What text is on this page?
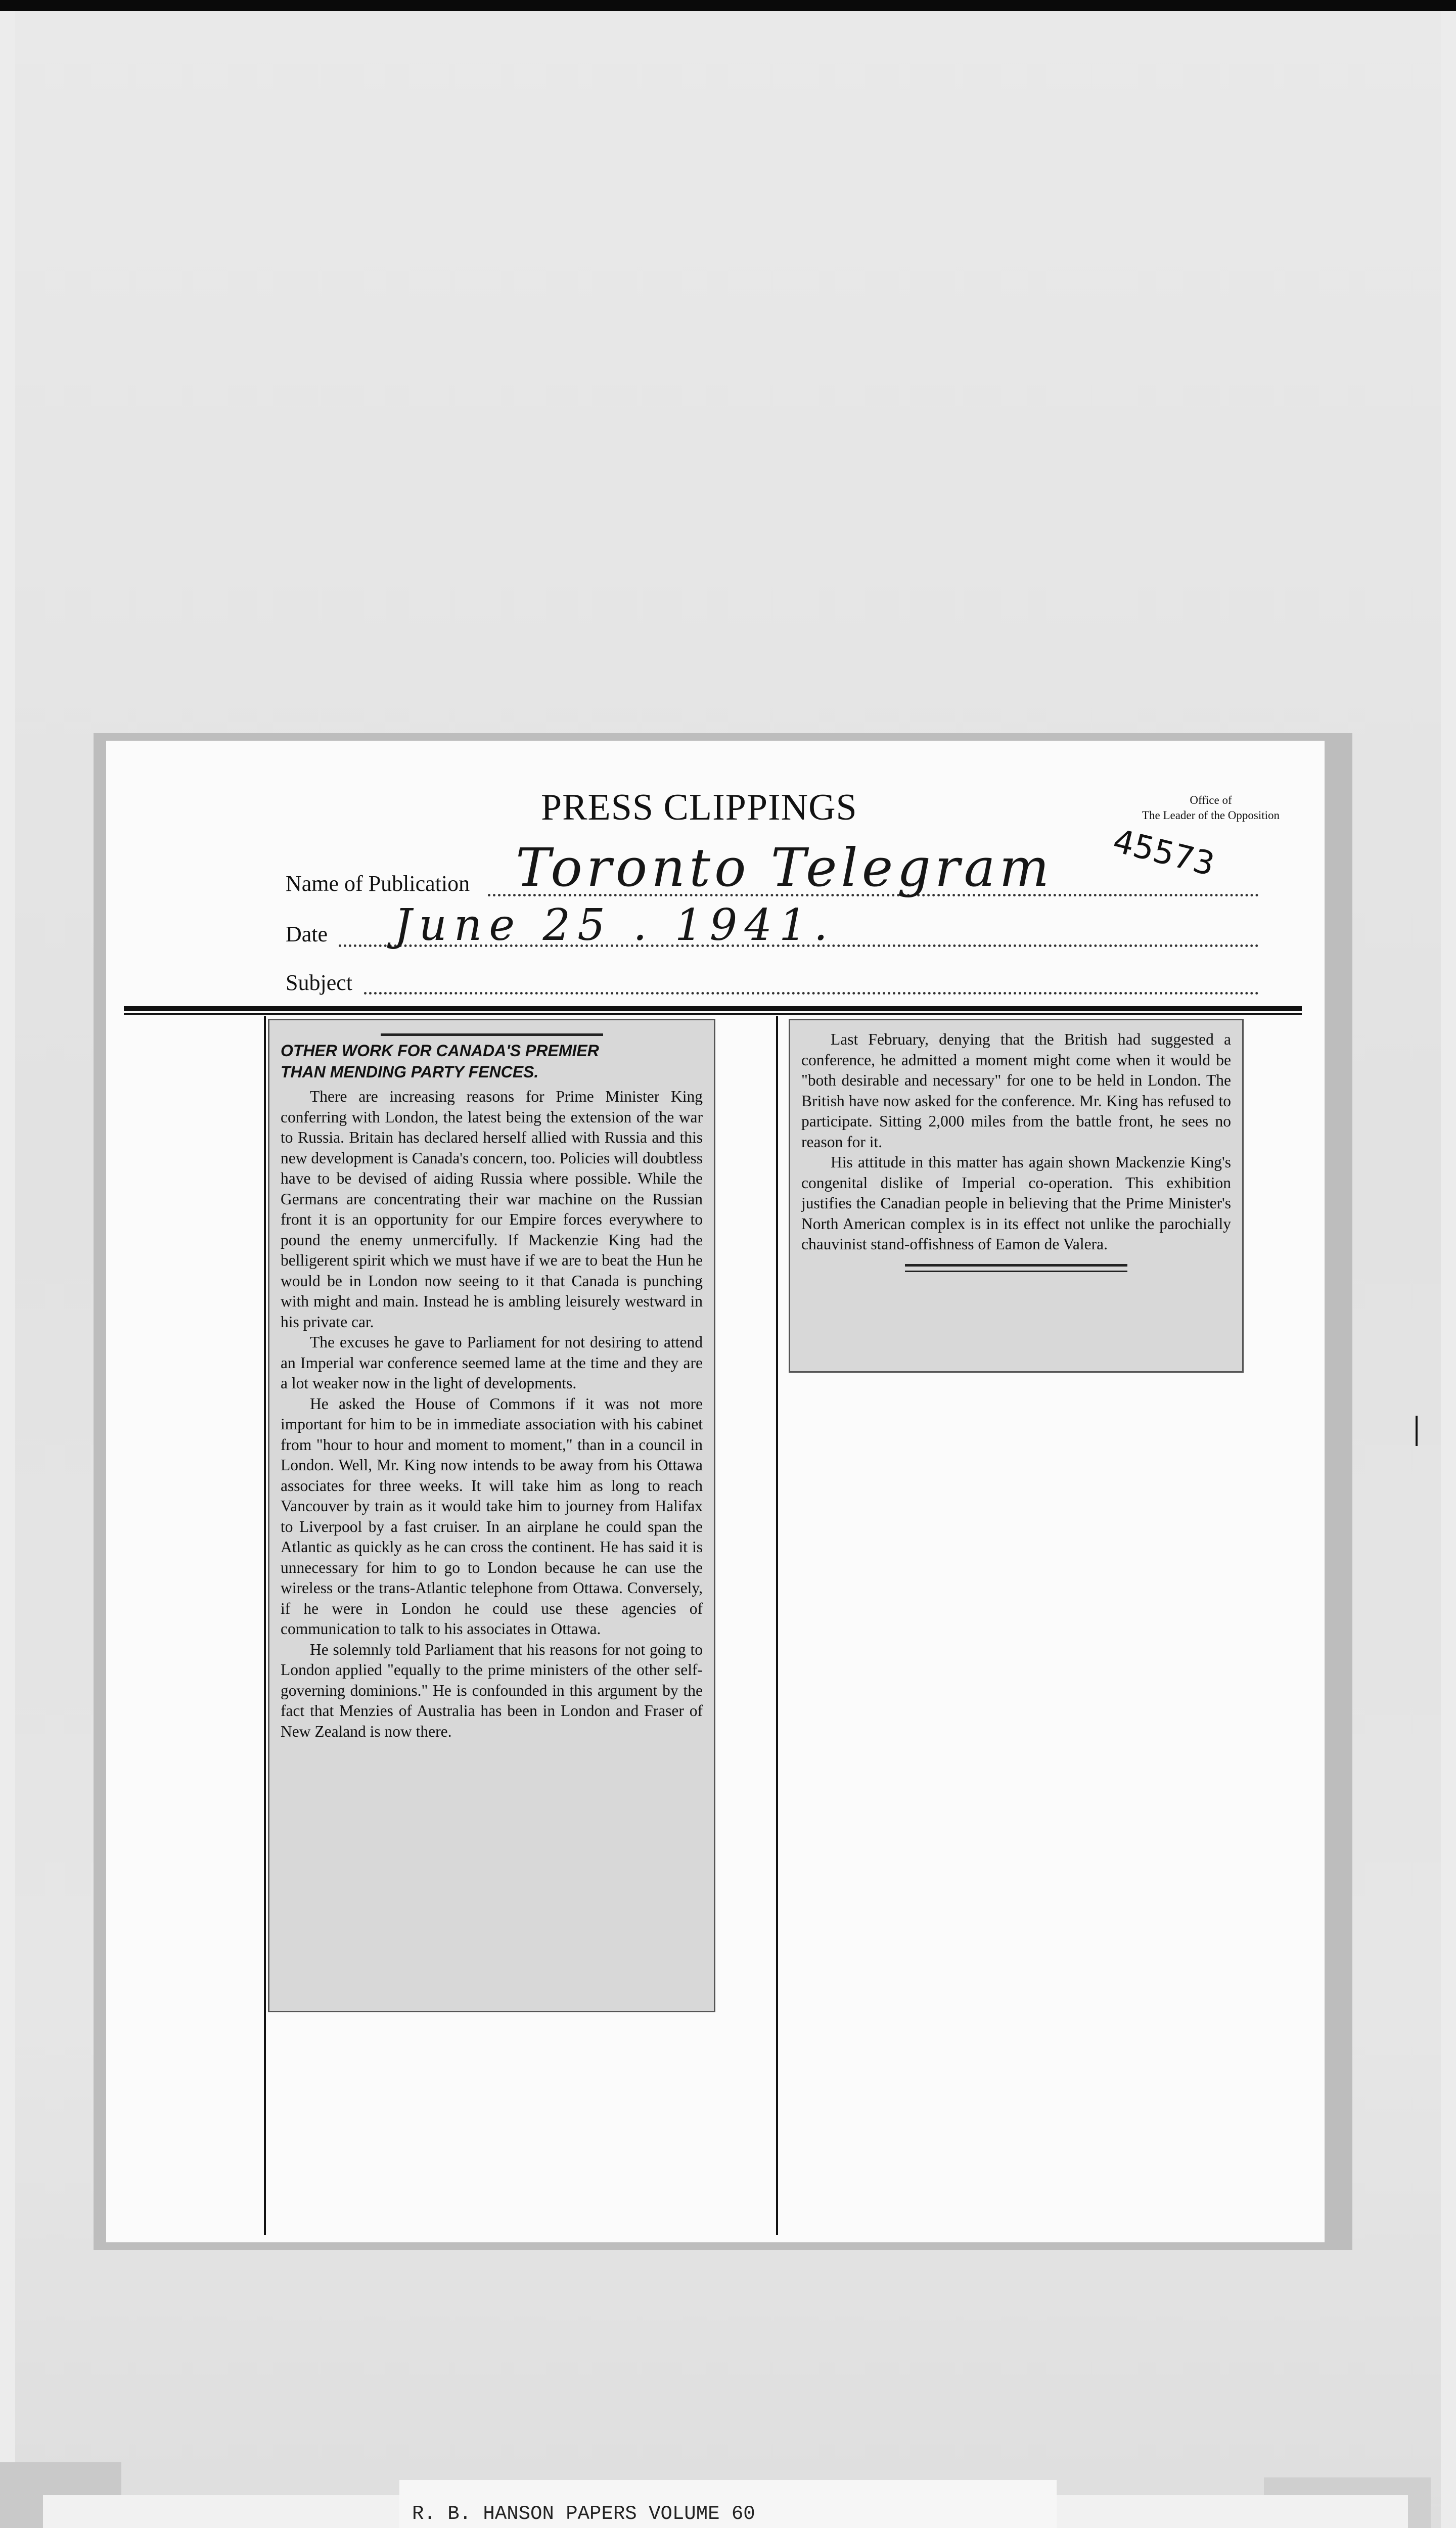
PRESS CLIPPINGS	Office of
The Leader of the Opposition
45573
Name of Publication Toronto Telegram
Date June 25 . 1941.
Subject
OTHER WORK FOR CANADA'S PREMIER
THAN MENDING PARTY FENCES.

There are increasing reasons for Prime Minister King conferring with London, the latest being the extension of the war to Russia. Britain has declared herself allied with Russia and this new development is Canada's concern, too. Policies will doubtless have to be devised of aiding Russia where possible. While the Germans are concentrating their war machine on the Russian front it is an opportunity for our Empire forces everywhere to pound the enemy unmercifully. If Mackenzie King had the belligerent spirit which we must have if we are to beat the Hun he would be in London now seeing to it that Canada is punching with might and main. Instead he is ambling leisurely westward in his private car.

The excuses he gave to Parliament for not desiring to attend an Imperial war conference seemed lame at the time and they are a lot weaker now in the light of developments.

He asked the House of Commons if it was not more important for him to be in immediate association with his cabinet from "hour to hour and moment to moment," than in a council in London. Well, Mr. King now intends to be away from his Ottawa associates for three weeks. It will take him as long to reach Vancouver by train as it would take him to journey from Halifax to Liverpool by a fast cruiser. In an airplane he could span the Atlantic as quickly as he can cross the continent. He has said it is unnecessary for him to go to London because he can use the wireless or the trans-Atlantic telephone from Ottawa. Conversely, if he were in London he could use these agencies of communication to talk to his associates in Ottawa.

He solemnly told Parliament that his reasons for not going to London applied "equally to the prime ministers of the other self-governing dominions." He is confounded in this argument by the fact that Menzies of Australia has been in London and Fraser of New Zealand is now there.

Last February, denying that the British had suggested a conference, he admitted a moment might come when it would be "both desirable and necessary" for one to be held in London. The British have now asked for the conference. Mr. King has refused to participate. Sitting 2,000 miles from the battle front, he sees no reason for it.

His attitude in this matter has again shown Mackenzie King's congenital dislike of Imperial co-operation. This exhibition justifies the Canadian people in believing that the Prime Minister's North American complex is in its effect not unlike the parochially chauvinist stand-offishness of Eamon de Valera.

R. B. HANSON PAPERS VOLUME 60
